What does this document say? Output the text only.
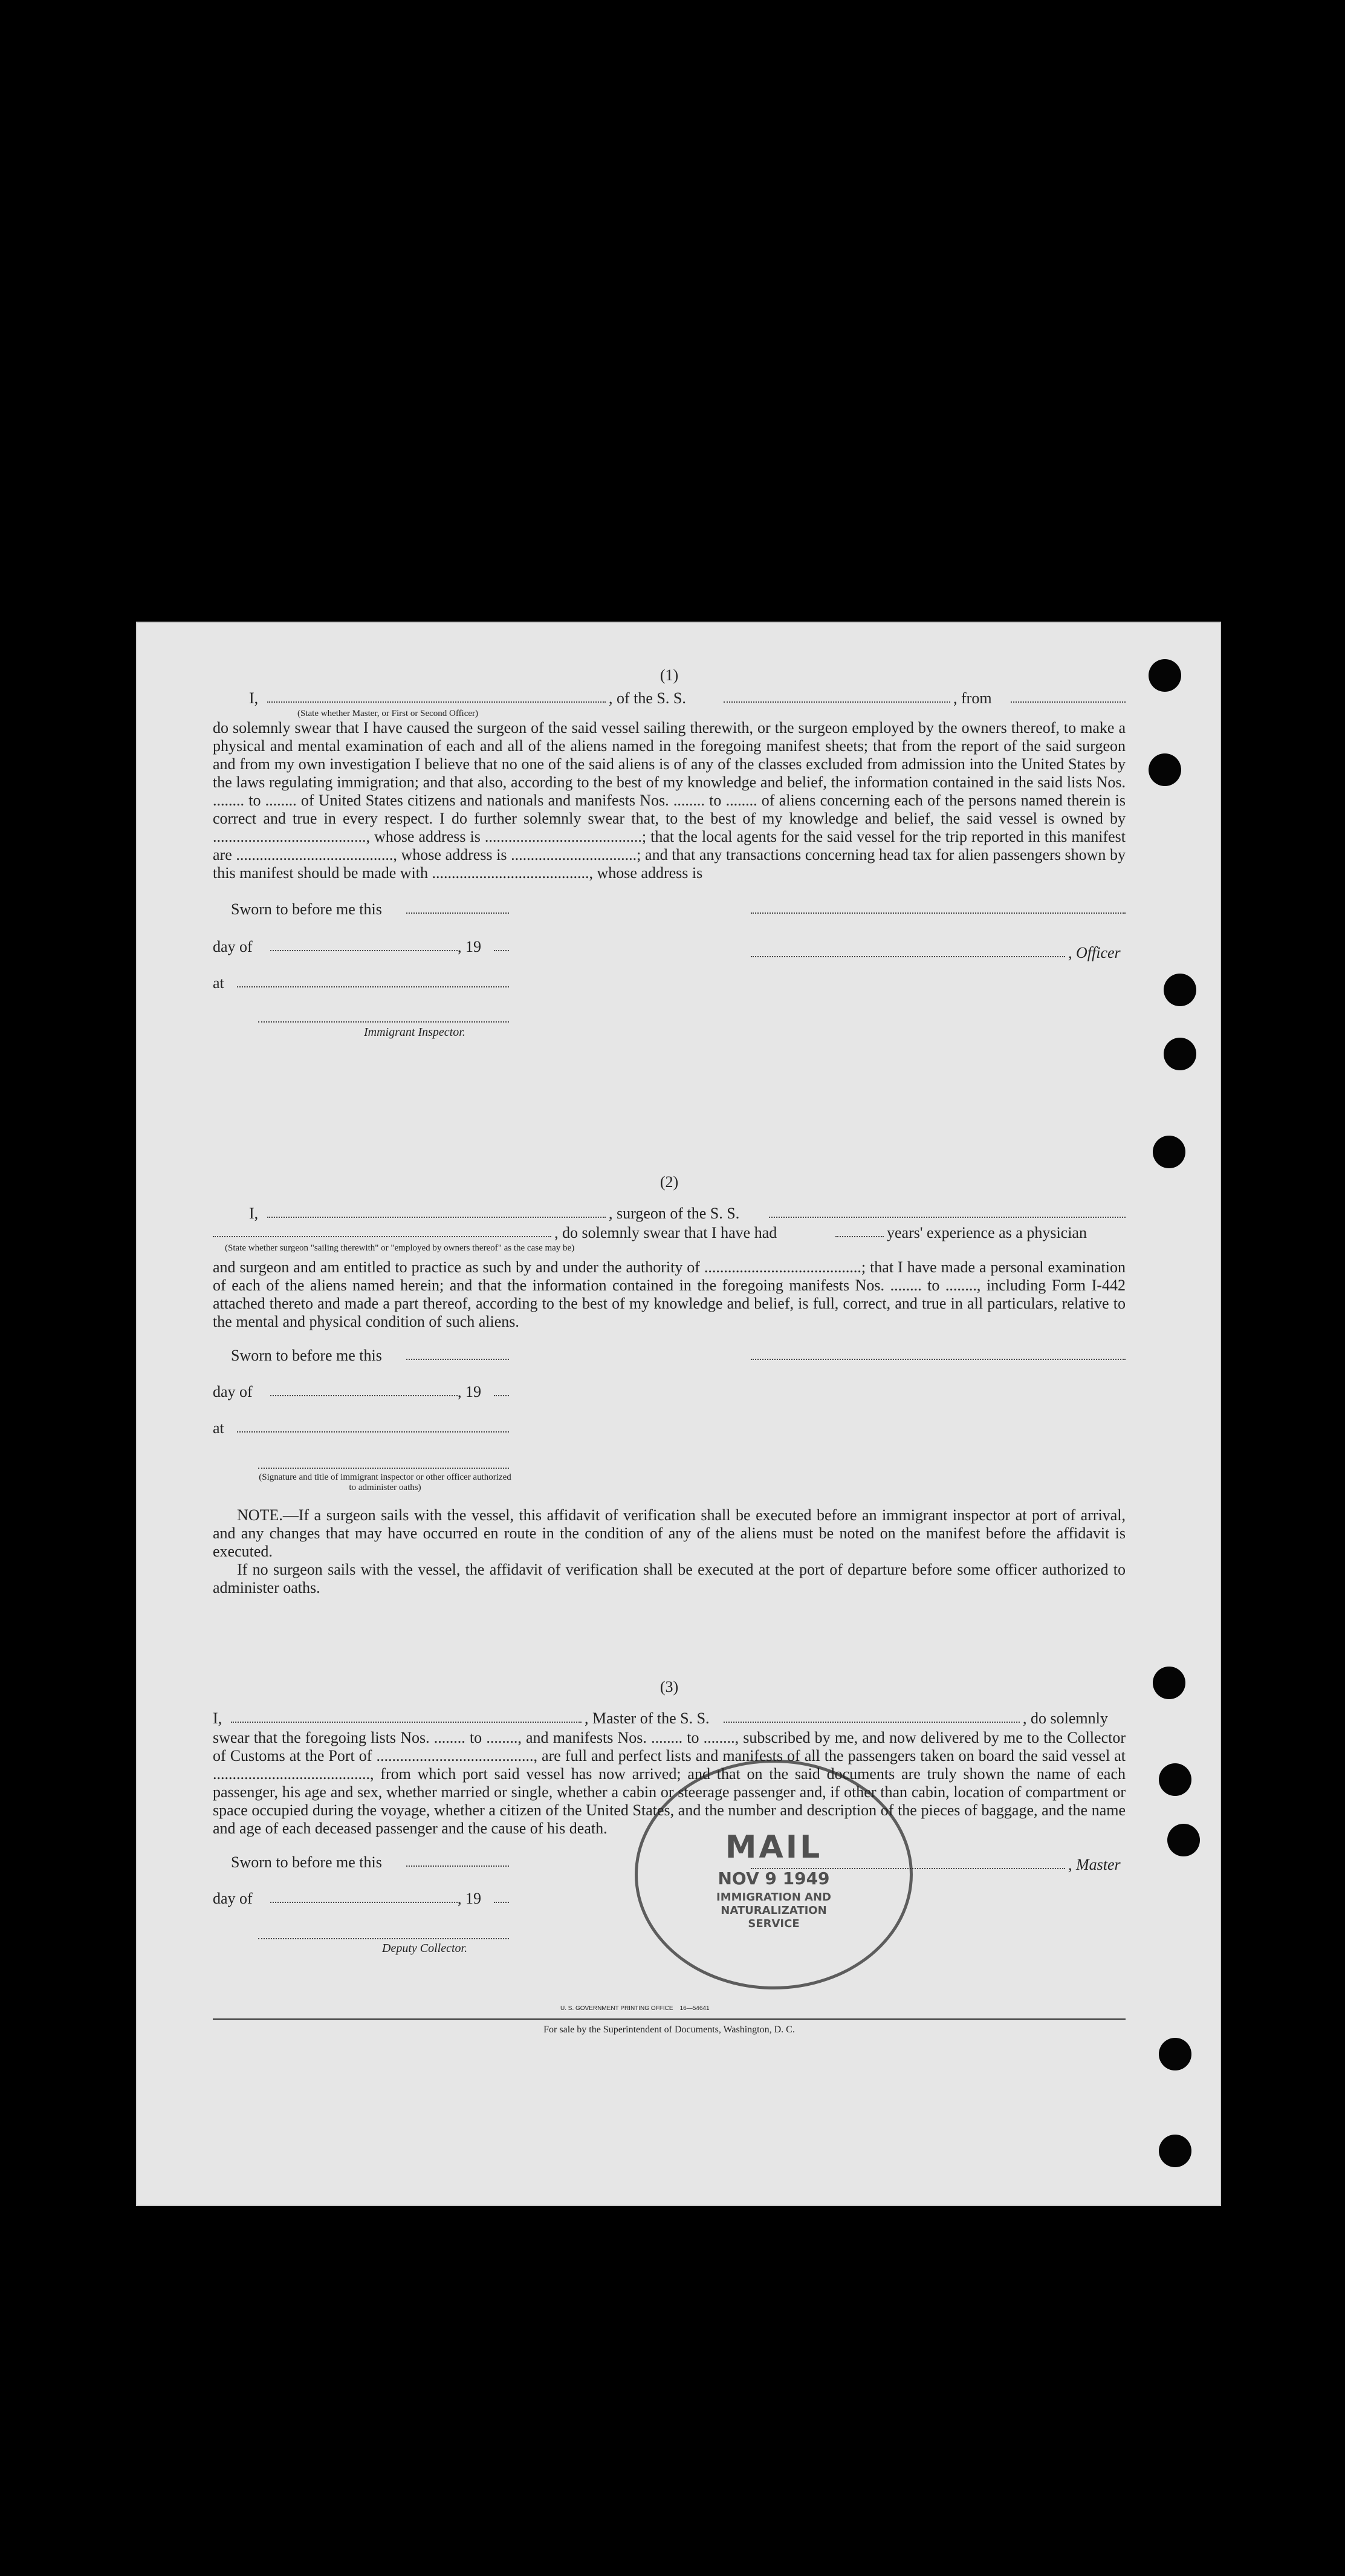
(1)
I,	, of the S. S.	, from
(State whether Master, or First or Second Officer)
do solemnly swear that I have caused the surgeon of the said vessel sailing therewith, or the surgeon employed by the owners thereof, to make a physical and mental examination of each and all of the aliens named in the foregoing manifest sheets; that from the report of the said surgeon and from my own investigation I believe that no one of the said aliens is of any of the classes excluded from admission into the United States by the laws regulating immigration; and that also, according to the best of my knowledge and belief, the information contained in the said lists Nos. ........ to ........ of United States citizens and nationals and manifests Nos. ........ to ........ of aliens concerning each of the persons named therein is correct and true in every respect. I do further solemnly swear that, to the best of my knowledge and belief, the said vessel is owned by ......................................., whose address is ........................................; that the local agents for the said vessel for the trip reported in this manifest are ........................................, whose address is ................................; and that any transactions concerning head tax for alien passengers shown by this manifest should be made with ........................................, whose address is
Sworn to before me this
day of	, 19	, Officer
at
Immigrant Inspector.
(2)
I,	, surgeon of the S. S.
, do solemnly swear that I have had	years' experience as a physician
(State whether surgeon "sailing therewith" or "employed by owners thereof" as the case may be)
and surgeon and am entitled to practice as such by and under the authority of ........................................; that I have made a personal examination of each of the aliens named herein; and that the information contained in the foregoing manifests Nos. ........ to ........, including Form I-442 attached thereto and made a part thereof, according to the best of my knowledge and belief, is full, correct, and true in all particulars, relative to the mental and physical condition of such aliens.
Sworn to before me this
day of	, 19
at
(Signature and title of immigrant inspector or other officer authorized to administer oaths)
NOTE.—If a surgeon sails with the vessel, this affidavit of verification shall be executed before an immigrant inspector at port of arrival, and any changes that may have occurred en route in the condition of any of the aliens must be noted on the manifest before the affidavit is executed.
If no surgeon sails with the vessel, the affidavit of verification shall be executed at the port of departure before some officer authorized to administer oaths.
(3)
I,	, Master of the S. S.	, do solemnly
swear that the foregoing lists Nos. ........ to ........, and manifests Nos. ........ to ........, subscribed by me, and now delivered by me to the Collector of Customs at the Port of ........................................, are full and perfect lists and manifests of all the passengers taken on board the said vessel at ........................................, from which port said vessel has now arrived; and that on the said documents are truly shown the name of each passenger, his age and sex, whether married or single, whether a cabin or steerage passenger and, if other than cabin, location of compartment or space occupied during the voyage, whether a citizen of the United States, and the number and description of the pieces of baggage, and the name and age of each deceased passenger and the cause of his death.
Sworn to before me this	, Master
day of	, 19
Deputy Collector.
U. S. GOVERNMENT PRINTING OFFICE 16—54641
For sale by the Superintendent of Documents, Washington, D. C.
MAIL
NOV 9 1949
IMMIGRATION AND
NATURALIZATION
SERVICE
